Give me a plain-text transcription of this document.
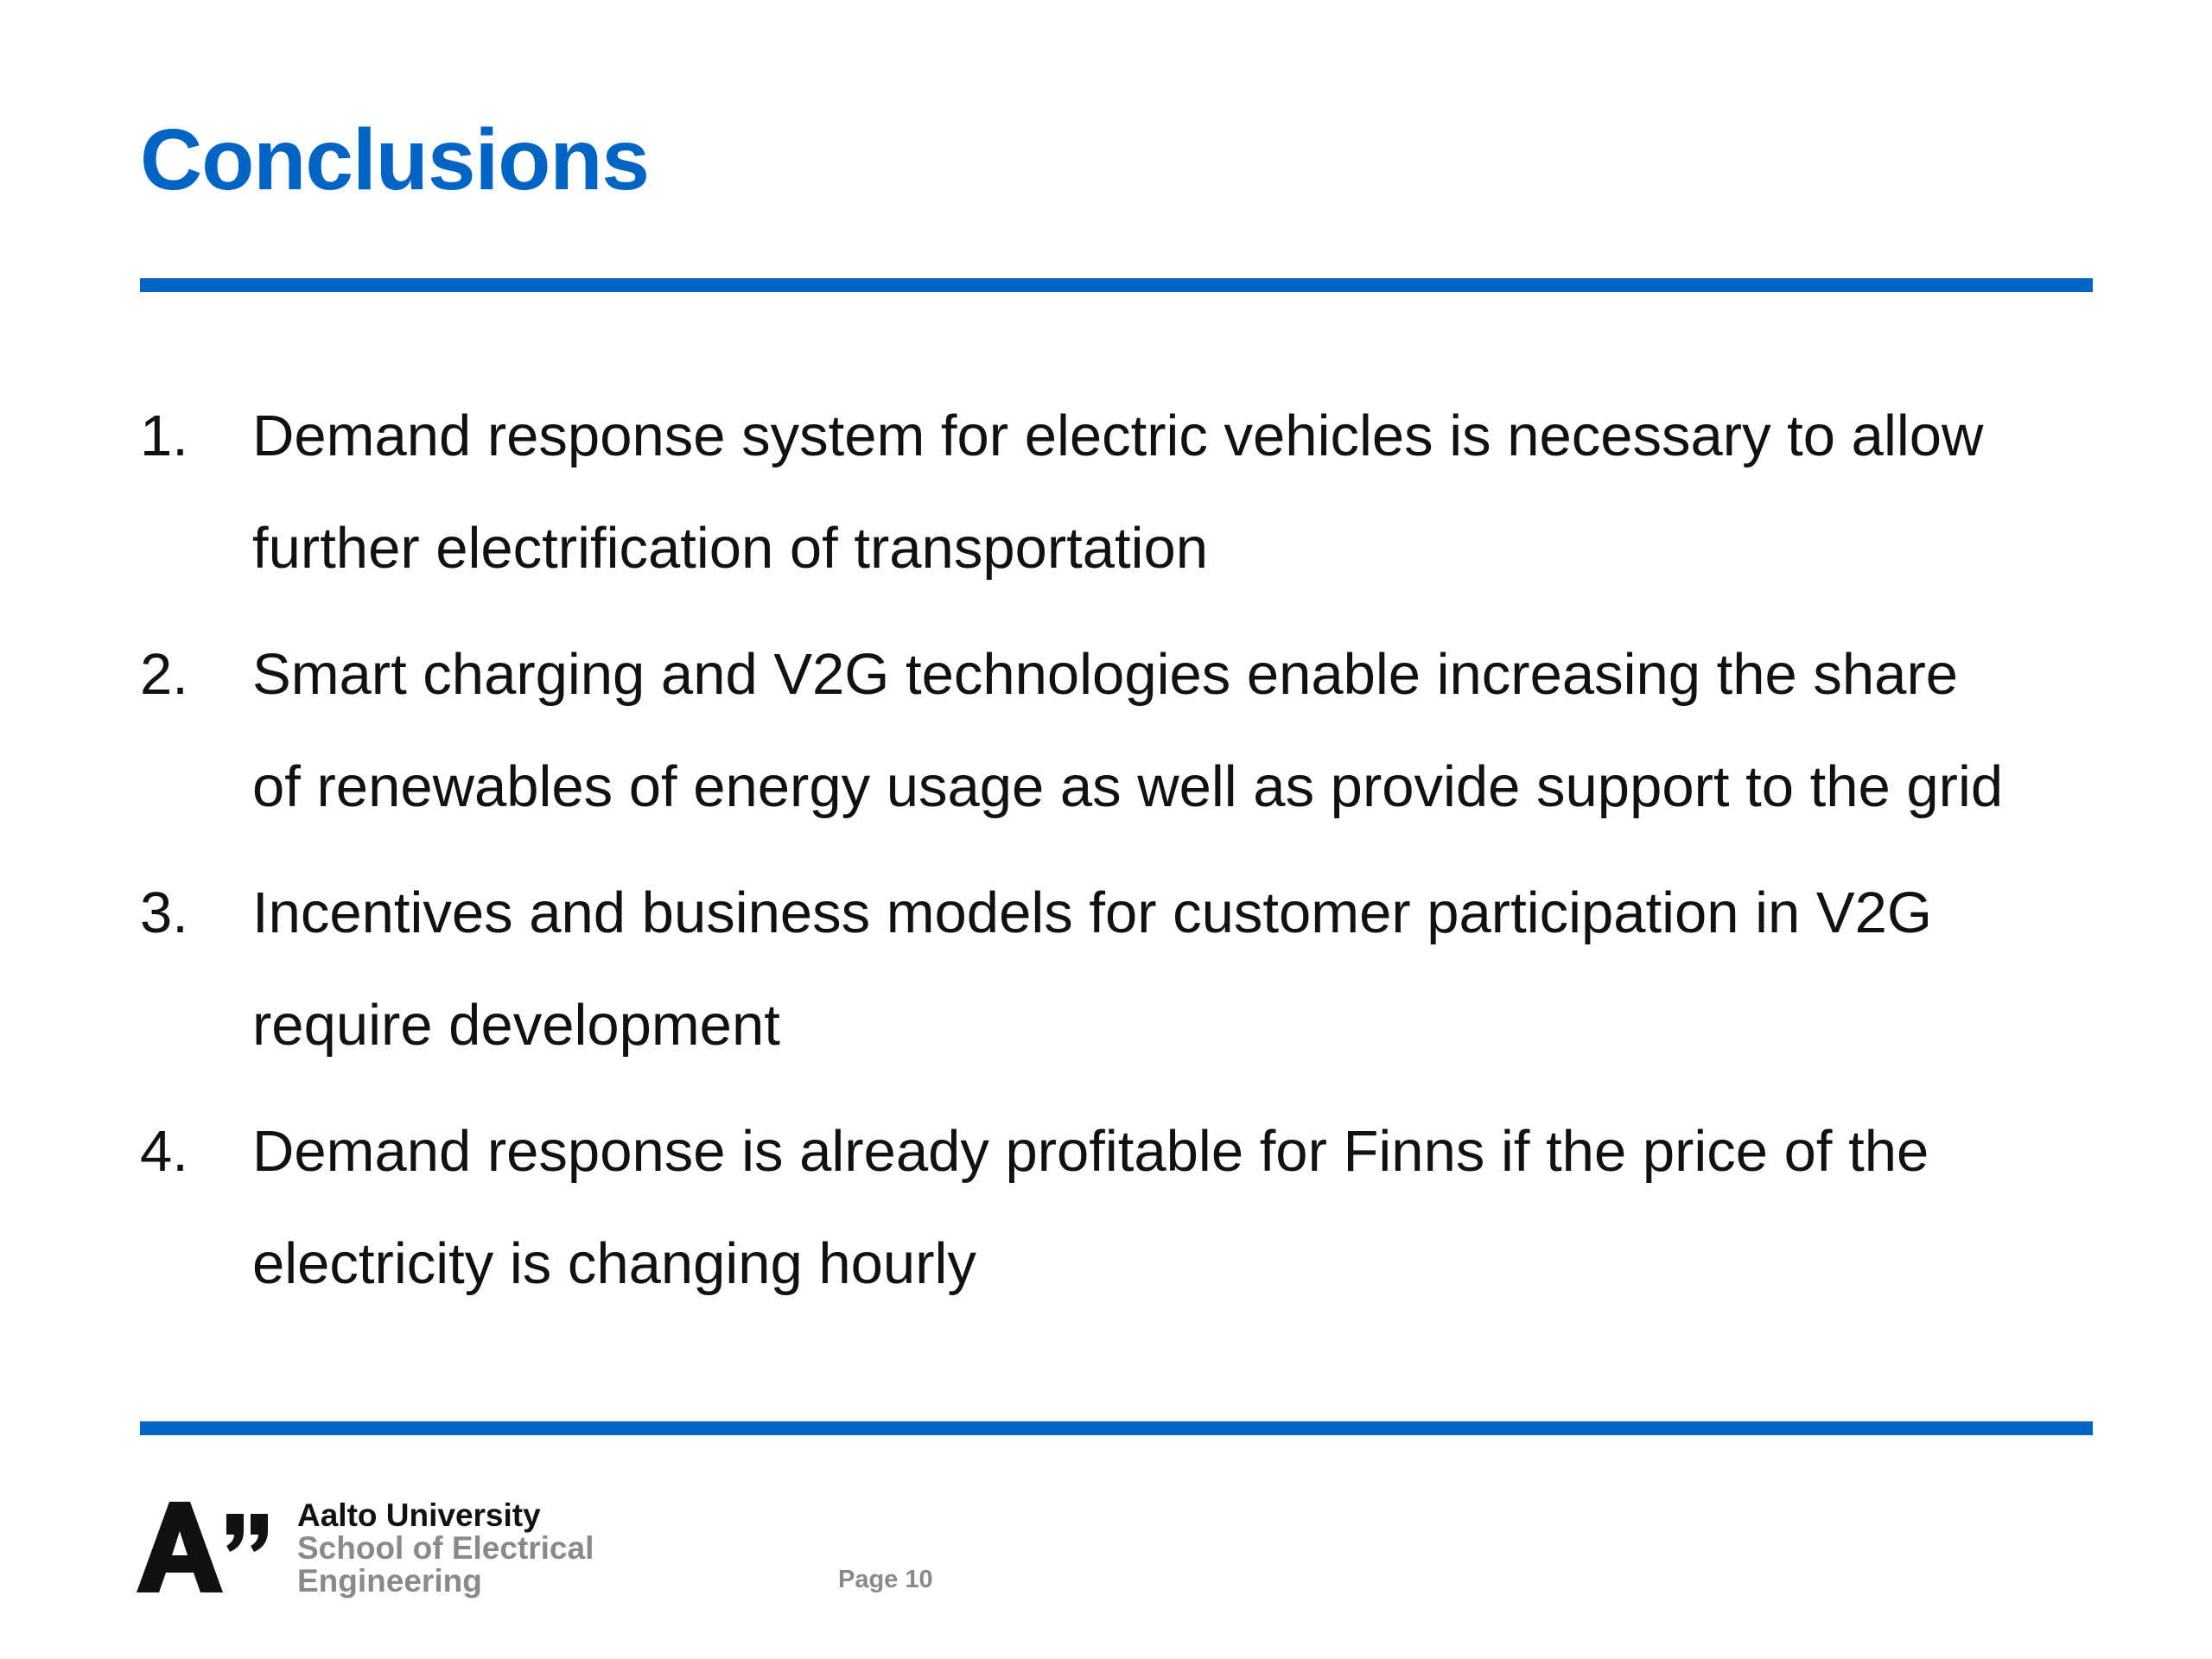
Conclusions
1. Demand response system for electric vehicles is necessary to allow
further electrification of transportation
2. Smart charging and V2G technologies enable increasing the share
of renewables of energy usage as well as provide support to the grid
3. Incentives and business models for customer participation in V2G
require development
4. Demand response is already profitable for Finns if the price of the
electricity is changing hourly
Aalto University
School of Electrical
Engineering	Page 10
